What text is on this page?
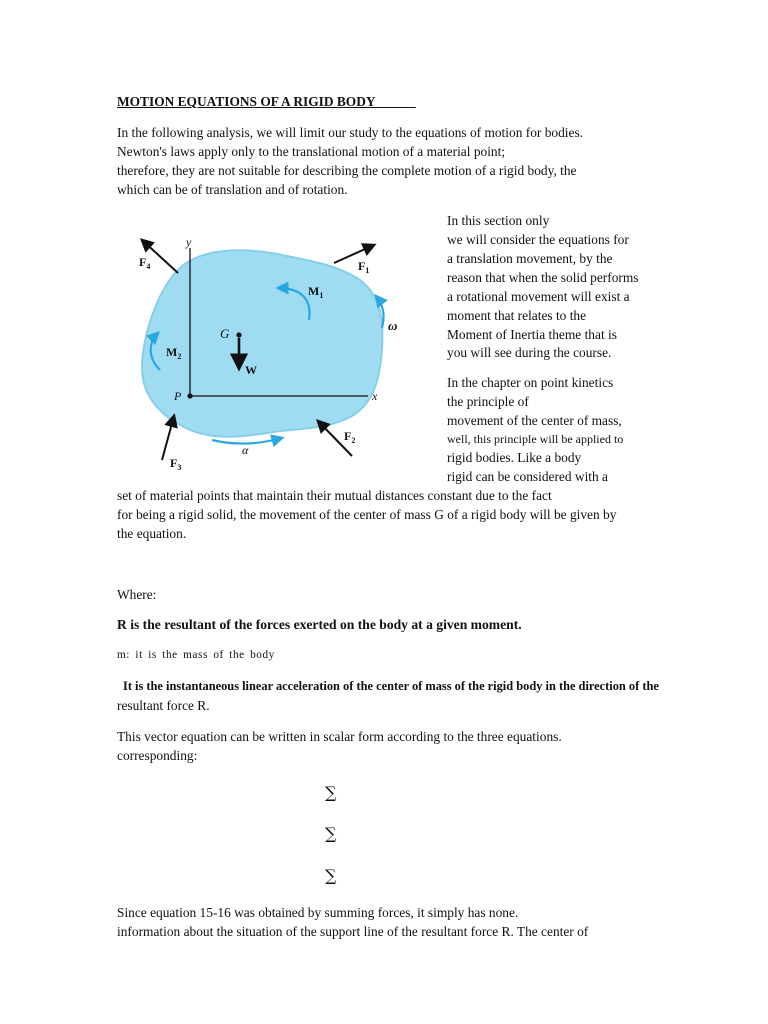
MOTION EQUATIONS OF A RIGID BODY
In the following analysis, we will limit our study to the equations of motion for bodies.
Newton's laws apply only to the translational motion of a material point;
therefore, they are not suitable for describing the complete motion of a rigid body, the
which can be of translation and of rotation.
y
x
P
G
W
$F_1$
$F_4$
$F_2$
$F_3$
$M_1$
$M_2$
ω
α
In this section only
we will consider the equations for
a translation movement, by the
reason that when the solid performs
a rotational movement will exist a
moment that relates to the
Moment of Inertia theme that is
you will see during the course.
In the chapter on point kinetics
the principle of
movement of the center of mass,
well, this principle will be applied to
rigid bodies. Like a body
rigid can be considered with a
set of material points that maintain their mutual distances constant due to the fact
for being a rigid solid, the movement of the center of mass G of a rigid body will be given by
the equation.
Where:
R is the resultant of the forces exerted on the body at a given moment.
m: it is the mass of the body
It is the instantaneous linear acceleration of the center of mass of the rigid body in the direction of the
resultant force R.
This vector equation can be written in scalar form according to the three equations.
corresponding:
∑
∑
∑
Since equation 15-16 was obtained by summing forces, it simply has none.
information about the situation of the support line of the resultant force R. The center of
